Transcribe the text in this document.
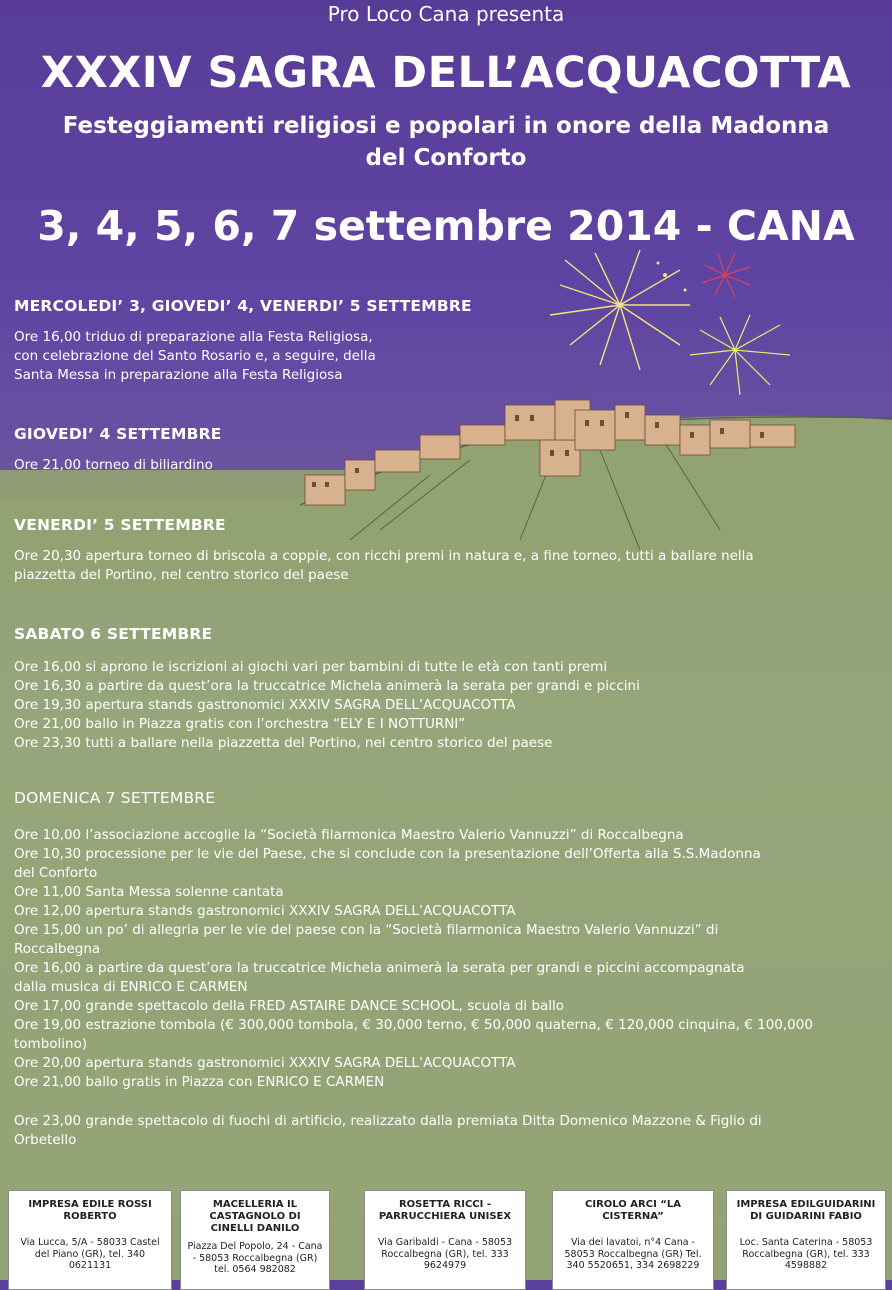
Pro Loco Cana presenta
XXXIV SAGRA DELL’ACQUACOTTA
Festeggiamenti religiosi e popolari in onore della Madonna del Conforto
3, 4, 5, 6, 7 settembre 2014 - CANA

MERCOLEDI’ 3, GIOVEDI’ 4, VENERDI’ 5 SETTEMBRE

Ore 16,00 triduo di preparazione alla Festa Religiosa,

con celebrazione del Santo Rosario e, a seguire, della

Santa Messa in preparazione alla Festa Religiosa

GIOVEDI’ 4 SETTEMBRE

Ore 21,00 torneo di biliardino

VENERDI’ 5 SETTEMBRE

Ore 20,30 apertura torneo di briscola a coppie, con ricchi premi in natura e, a fine torneo, tutti a ballare nella

piazzetta del Portino, nel centro storico del paese

SABATO 6 SETTEMBRE

Ore 16,00 si aprono le iscrizioni ai giochi vari per bambini di tutte le età con tanti premi

Ore 16,30 a partire da quest’ora la truccatrice Michela animerà la serata per grandi e piccini

Ore 19,30 apertura stands gastronomici XXXIV SAGRA DELL’ACQUACOTTA

Ore 21,00 ballo in Piazza gratis con l’orchestra “ELY E I NOTTURNI”

Ore 23,30 tutti a ballare nella piazzetta del Portino, nel centro storico del paese

DOMENICA 7 SETTEMBRE

Ore 10,00 l’associazione accoglie la “Società filarmonica Maestro Valerio Vannuzzi” di Roccalbegna

Ore 10,30 processione per le vie del Paese, che si conclude con la presentazione dell’Offerta alla S.S.Madonna

del Conforto

Ore 11,00 Santa Messa solenne cantata

Ore 12,00 apertura stands gastronomici XXXIV SAGRA DELL’ACQUACOTTA

Ore 15,00 un po’ di allegria per le vie del paese con la “Società filarmonica Maestro Valerio Vannuzzi” di

Roccalbegna

Ore 16,00 a partire da quest’ora la truccatrice Michela animerà la serata per grandi e piccini accompagnata

dalla musica di ENRICO E CARMEN

Ore 17,00 grande spettacolo della FRED ASTAIRE DANCE SCHOOL, scuola di ballo

Ore 19,00 estrazione tombola (€ 300,000 tombola, € 30,000 terno, € 50,000 quaterna, € 120,000 cinquina, € 100,000

tombolino)

Ore 20,00 apertura stands gastronomici XXXIV SAGRA DELL’ACQUACOTTA

Ore 21,00 ballo gratis in Piazza con ENRICO E CARMEN

Ore 23,00 grande spettacolo di fuochi di artificio, realizzato dalla premiata Ditta Domenico Mazzone & Figlio di

Orbetello

IMPRESA EDILE ROSSI ROBERTO
Via Lucca, 5/A - 58033 Castel del Piano (GR), tel. 340 0621131
MACELLERIA IL CASTAGNOLO DI CINELLI DANILO
Piazza Del Popolo, 24 - Cana - 58053 Roccalbegna (GR) tel. 0564 982082
ROSETTA RICCI - PARRUCCHIERA UNISEX
Via Garibaldi - Cana - 58053 Roccalbegna (GR), tel. 333 9624979
CIROLO ARCI “LA CISTERNA”
Via dei lavatoi, n°4 Cana - 58053 Roccalbegna (GR) Tel. 340 5520651, 334 2698229
IMPRESA EDILGUIDARINI DI GUIDARINI FABIO
Loc. Santa Caterina - 58053 Roccalbegna (GR), tel. 333 4598882
